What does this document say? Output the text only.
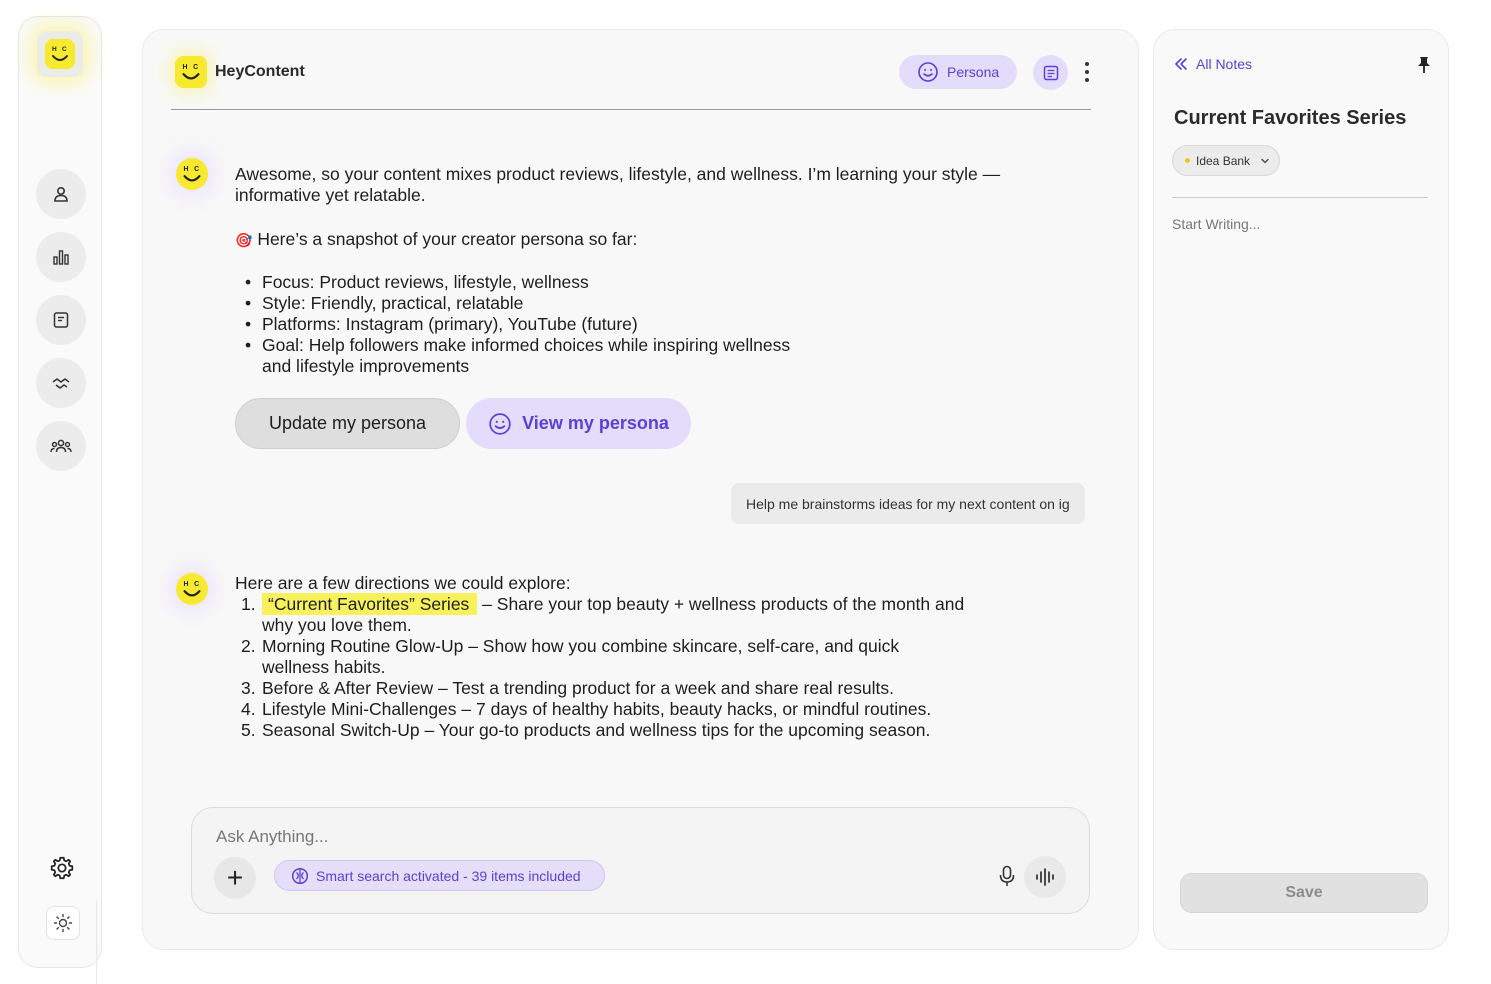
H C
H C HeyContent	Persona
H C Awesome, so your content mixes product reviews, lifestyle, and wellness. I’m learning your style — informative yet relatable.

🎯 Here’s a snapshot of your creator persona so far:

• Focus: Product reviews, lifestyle, wellness
• Style: Friendly, practical, relatable
• Platforms: Instagram (primary), YouTube (future)
• Goal: Help followers make informed choices while inspiring wellness and lifestyle improvements
Update my persona	View my persona
Help me brainstorms ideas for my next content on ig
H C Here are a few directions we could explore:

1. “Current Favorites” Series – Share your top beauty + wellness products of the month and why you love them.
2. Morning Routine Glow-Up – Show how you combine skincare, self-care, and quick wellness habits.
3. Before & After Review – Test a trending product for a week and share real results.
4. Lifestyle Mini-Challenges – 7 days of healthy habits, beauty hacks, or mindful routines.
5. Seasonal Switch-Up – Your go-to products and wellness tips for the upcoming season.
Ask Anything...
+	Smart search activated - 39 items included
All Notes
Current Favorites Series
Idea Bank
Start Writing...
Save
